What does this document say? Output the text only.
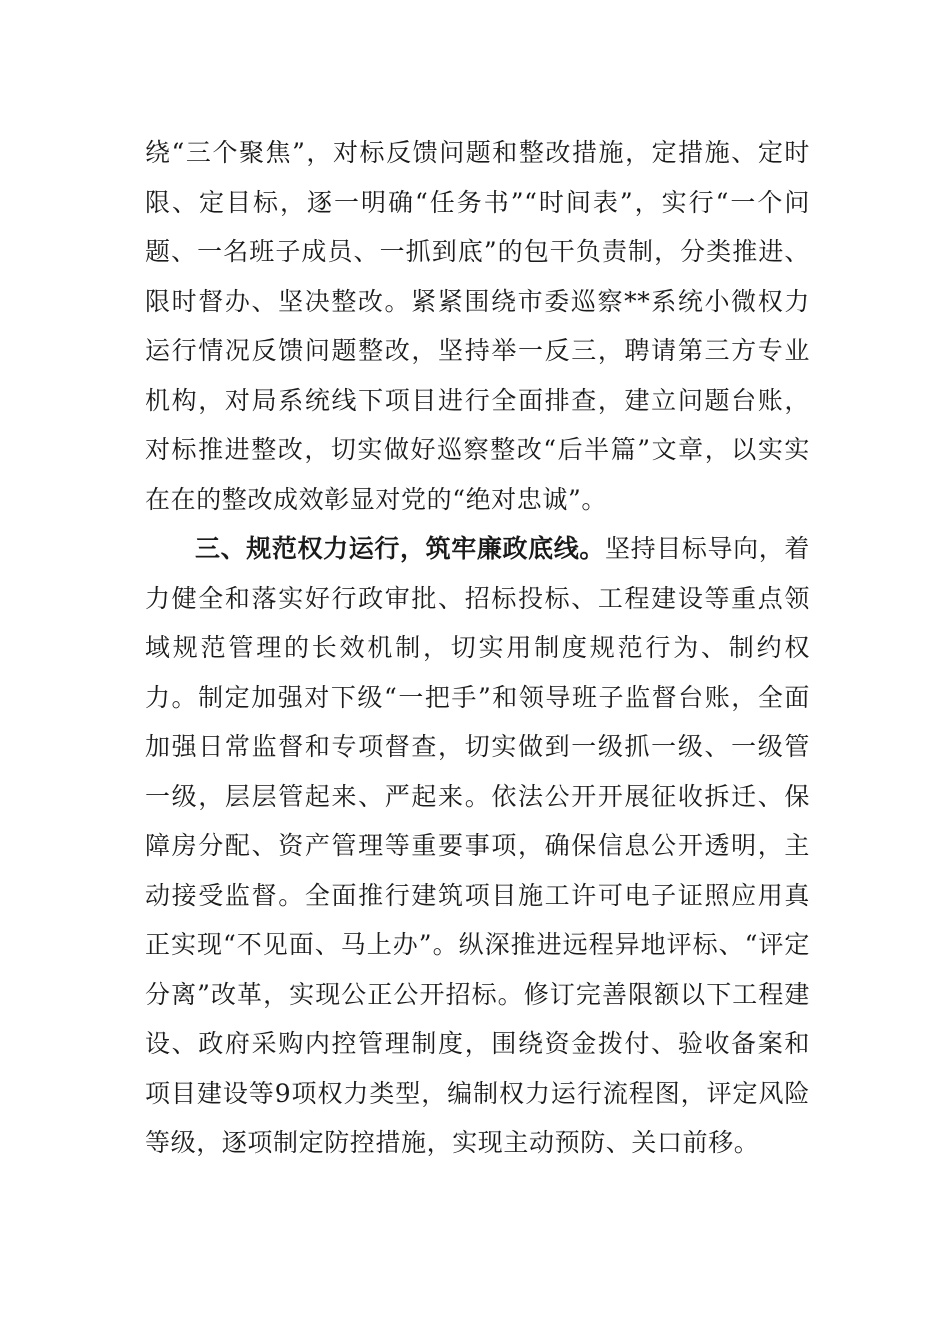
绕“三个聚焦”，对标反馈问题和整改措施，定措施、定时限、定目标，逐一明确“任务书”“时间表”，实行“一个问题、一名班子成员、一抓到底”的包干负责制，分类推进、限时督办、坚决整改。紧紧围绕市委巡察**系统小微权力运行情况反馈问题整改，坚持举一反三，聘请第三方专业机构，对局系统线下项目进行全面排查，建立问题台账，对标推进整改，切实做好巡察整改“后半篇”文章，以实实在在的整改成效彰显对党的“绝对忠诚”。

三、规范权力运行，筑牢廉政底线。坚持目标导向，着力健全和落实好行政审批、招标投标、工程建设等重点领域规范管理的长效机制，切实用制度规范行为、制约权力。制定加强对下级“一把手”和领导班子监督台账，全面加强日常监督和专项督查，切实做到一级抓一级、一级管一级，层层管起来、严起来。依法公开开展征收拆迁、保障房分配、资产管理等重要事项，确保信息公开透明，主动接受监督。全面推行建筑项目施工许可电子证照应用真正实现“不见面、马上办”。纵深推进远程异地评标、“评定分离”改革，实现公正公开招标。修订完善限额以下工程建设、政府采购内控管理制度，围绕资金拨付、验收备案和项目建设等9项权力类型，编制权力运行流程图，评定风险等级，逐项制定防控措施，实现主动预防、关口前移。
